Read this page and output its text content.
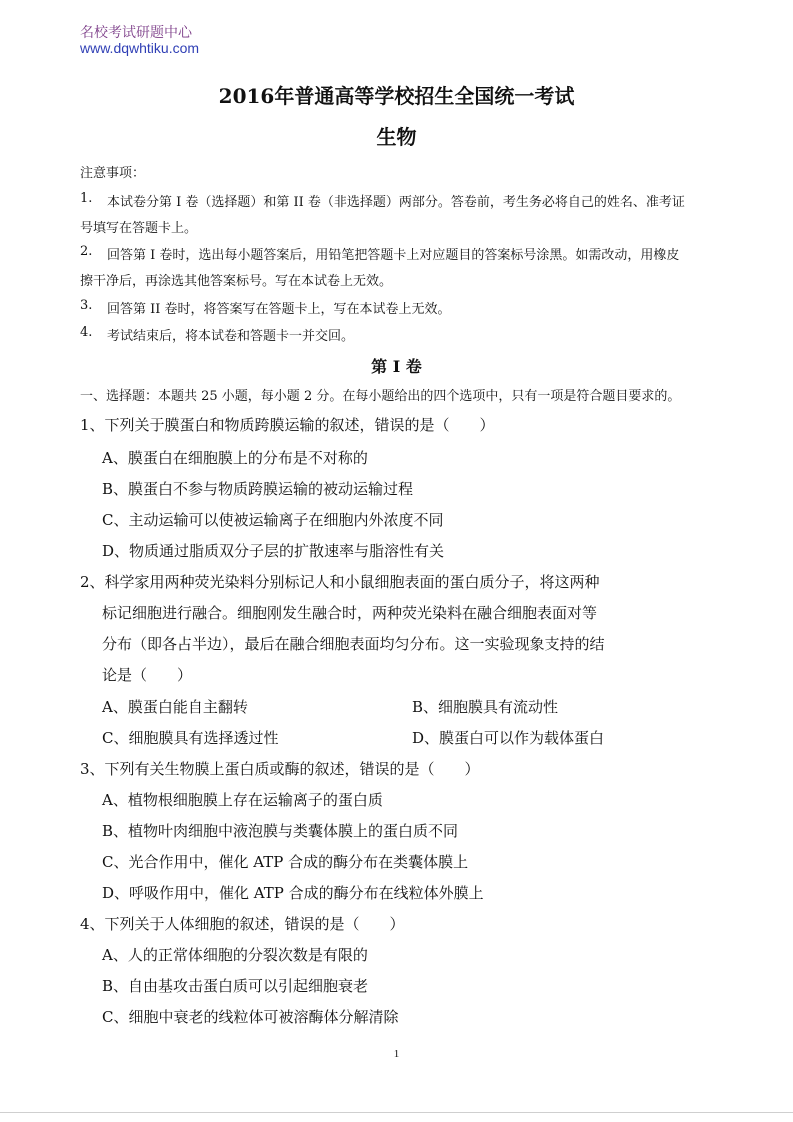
名校考试研题中心
www.dqwhtiku.com
2016年普通高等学校招生全国统一考试
生物
注意事项：
1. 本试卷分第 I 卷（选择题）和第 II 卷（非选择题）两部分。答卷前，考生务必将自己的姓名、准考证
号填写在答题卡上。
2. 回答第 I 卷时，选出每小题答案后，用铅笔把答题卡上对应题目的答案标号涂黑。如需改动，用橡皮
擦干净后，再涂选其他答案标号。写在本试卷上无效。
3. 回答第 II 卷时，将答案写在答题卡上，写在本试卷上无效。
4. 考试结束后，将本试卷和答题卡一并交回。
第 I 卷
一、选择题：本题共 25 小题，每小题 2 分。在每小题给出的四个选项中，只有一项是符合题目要求的。
1、下列关于膜蛋白和物质跨膜运输的叙述，错误的是（　　）
A、膜蛋白在细胞膜上的分布是不对称的
B、膜蛋白不参与物质跨膜运输的被动运输过程
C、主动运输可以使被运输离子在细胞内外浓度不同
D、物质通过脂质双分子层的扩散速率与脂溶性有关
2、科学家用两种荧光染料分别标记人和小鼠细胞表面的蛋白质分子，将这两种
标记细胞进行融合。细胞刚发生融合时，两种荧光染料在融合细胞表面对等
分布（即各占半边），最后在融合细胞表面均匀分布。这一实验现象支持的结
论是（　　）
A、膜蛋白能自主翻转	B、细胞膜具有流动性
C、细胞膜具有选择透过性	D、膜蛋白可以作为载体蛋白
3、下列有关生物膜上蛋白质或酶的叙述，错误的是（　　）
A、植物根细胞膜上存在运输离子的蛋白质
B、植物叶肉细胞中液泡膜与类囊体膜上的蛋白质不同
C、光合作用中，催化 ATP 合成的酶分布在类囊体膜上
D、呼吸作用中，催化 ATP 合成的酶分布在线粒体外膜上
4、下列关于人体细胞的叙述，错误的是（　　）
A、人的正常体细胞的分裂次数是有限的
B、自由基攻击蛋白质可以引起细胞衰老
C、细胞中衰老的线粒体可被溶酶体分解清除
1
